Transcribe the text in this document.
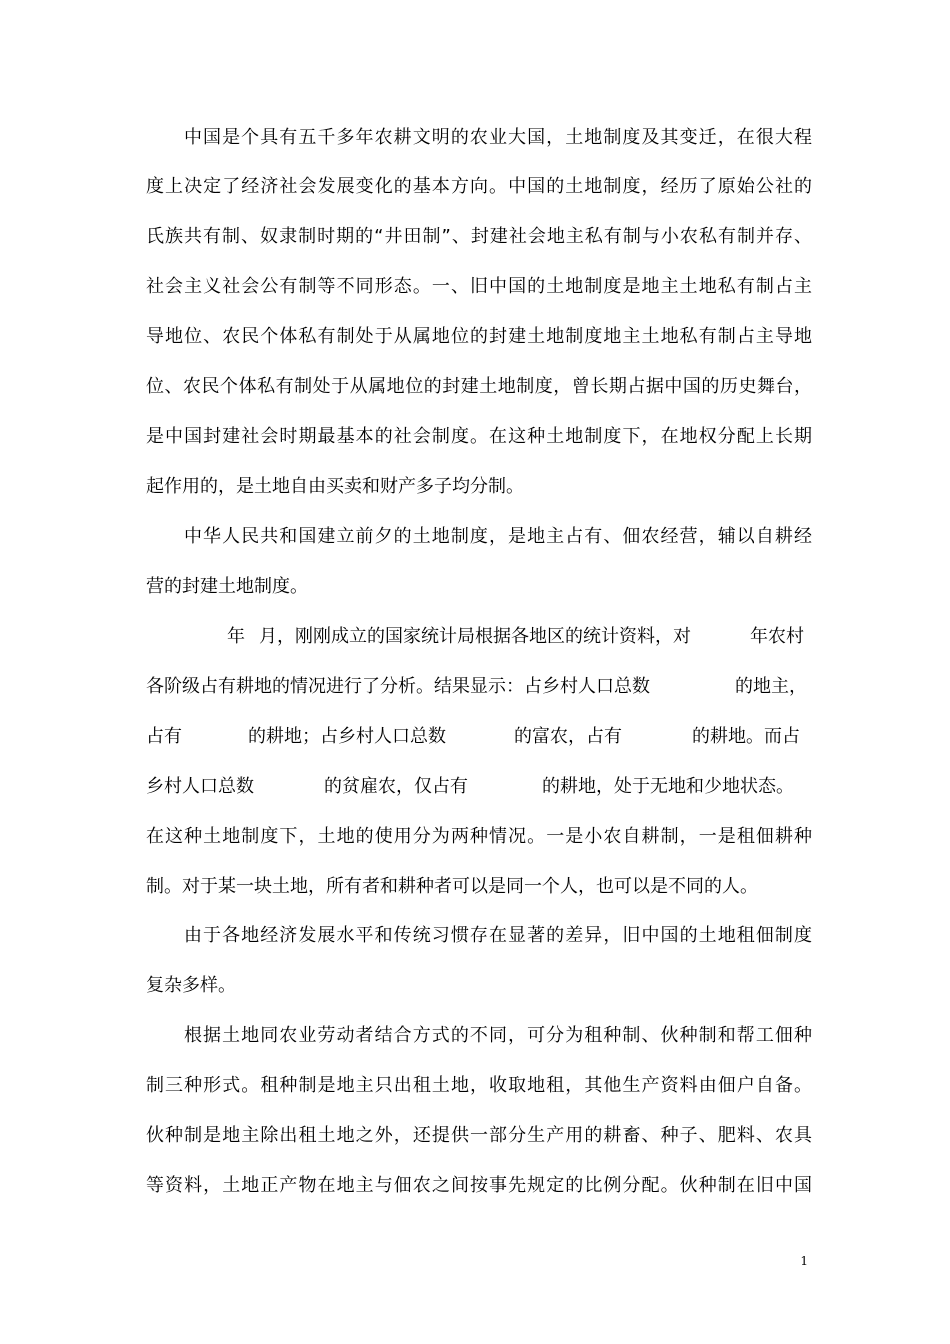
中国是个具有五千多年农耕文明的农业大国，土地制度及其变迁，在很大程
度上决定了经济社会发展变化的基本方向。中国的土地制度，经历了原始公社的
氏族共有制、奴隶制时期的“井田制”、封建社会地主私有制与小农私有制并存、
社会主义社会公有制等不同形态。一、旧中国的土地制度是地主土地私有制占主
导地位、农民个体私有制处于从属地位的封建土地制度地主土地私有制占主导地
位、农民个体私有制处于从属地位的封建土地制度，曾长期占据中国的历史舞台，
是中国封建社会时期最基本的社会制度。在这种土地制度下，在地权分配上长期
起作用的，是土地自由买卖和财产多子均分制。
中华人民共和国建立前夕的土地制度，是地主占有、佃农经营，辅以自耕经
营的封建土地制度。
年 月，刚刚成立的国家统计局根据各地区的统计资料，对	年农村
各阶级占有耕地的情况进行了分析。结果显示：占乡村人口总数	的地主，
占有	的耕地；占乡村人口总数	的富农，占有	的耕地。而占
乡村人口总数	的贫雇农，仅占有	的耕地，处于无地和少地状态。
在这种土地制度下，土地的使用分为两种情况。一是小农自耕制，一是租佃耕种
制。对于某一块土地，所有者和耕种者可以是同一个人，也可以是不同的人。
由于各地经济发展水平和传统习惯存在显著的差异，旧中国的土地租佃制度
复杂多样。
根据土地同农业劳动者结合方式的不同，可分为租种制、伙种制和帮工佃种
制三种形式。租种制是地主只出租土地，收取地租，其他生产资料由佃户自备。
伙种制是地主除出租土地之外，还提供一部分生产用的耕畜、种子、肥料、农具
等资料，土地正产物在地主与佃农之间按事先规定的比例分配。伙种制在旧中国
1
